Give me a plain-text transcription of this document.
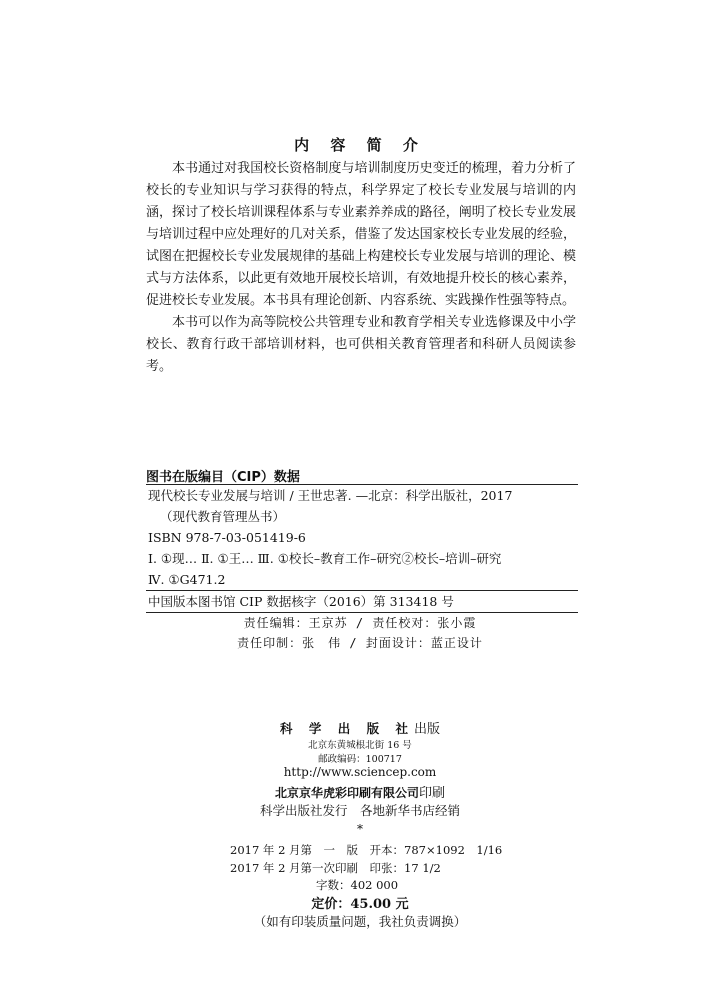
内 容 简 介

本书通过对我国校长资格制度与培训制度历史变迁的梳理，着力分析了校长的专业知识与学习获得的特点，科学界定了校长专业发展与培训的内涵，探讨了校长培训课程体系与专业素养养成的路径，阐明了校长专业发展与培训过程中应处理好的几对关系，借鉴了发达国家校长专业发展的经验，试图在把握校长专业发展规律的基础上构建校长专业发展与培训的理论、模式与方法体系，以此更有效地开展校长培训，有效地提升校长的核心素养，促进校长专业发展。本书具有理论创新、内容系统、实践操作性强等特点。

本书可以作为高等院校公共管理专业和教育学相关专业选修课及中小学校长、教育行政干部培训材料，也可供相关教育管理者和科研人员阅读参考。

图书在版编目（CIP）数据
现代校长专业发展与培训 / 王世忠著. —北京：科学出版社，2017
（现代教育管理丛书）
ISBN 978-7-03-051419-6
Ⅰ. ①现… Ⅱ. ①王… Ⅲ. ①校长–教育工作–研究②校长–培训–研究
Ⅳ. ①G471.2
中国版本图书馆 CIP 数据核字（2016）第 313418 号
责任编辑：王京苏 / 责任校对：张小霞
责任印制：张　伟 / 封面设计：蓝正设计
科 学 出 版 社出版
北京东黄城根北街 16 号
邮政编码：100717
http://www.sciencep.com
北京京华虎彩印刷有限公司印刷
科学出版社发行　各地新华书店经销
*
2017 年 2 月第　一　版　开本：787×1092　1/16
2017 年 2 月第一次印刷　印张：17 1/2
字数：402 000
定价：45.00 元
（如有印装质量问题，我社负责调换）
